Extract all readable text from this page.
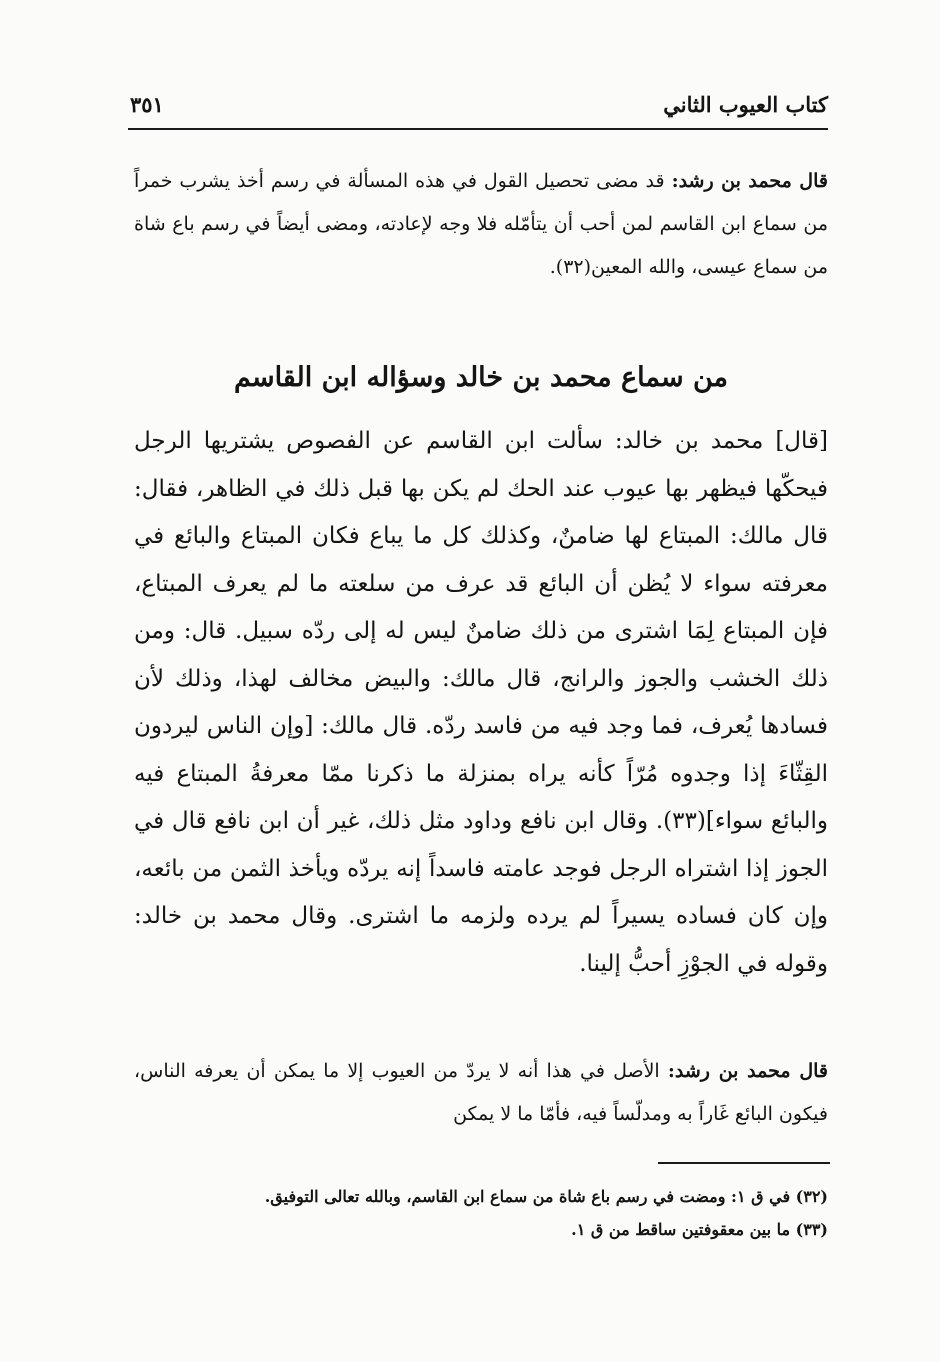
كتاب العيوب الثاني
٣٥١
قال محمد بن رشد: قد مضى تحصيل القول في هذه المسألة في رسم أخذ يشرب خمراً من سماع ابن القاسم لمن أحب أن يتأمّله فلا وجه لإعادته، ومضى أيضاً في رسم باع شاة من سماع عيسى، والله المعين(٣٢).
من سماع محمد بن خالد وسؤاله ابن القاسم
[قال] محمد بن خالد: سألت ابن القاسم عن الفصوص يشتريها الرجل فيحكّها فيظهر بها عيوب عند الحك لم يكن بها قبل ذلك في الظاهر، فقال: قال مالك: المبتاع لها ضامنٌ، وكذلك كل ما يباع فكان المبتاع والبائع في معرفته سواء لا يُظن أن البائع قد عرف من سلعته ما لم يعرف المبتاع، فإن المبتاع لِمَا اشترى من ذلك ضامنٌ ليس له إلى ردّه سبيل. قال: ومن ذلك الخشب والجوز والرانج، قال مالك: والبيض مخالف لهذا، وذلك لأن فسادها يُعرف، فما وجد فيه من فاسد ردّه. قال مالك: [وإن الناس ليردون القِثّاءَ إذا وجدوه مُرّاً كأنه يراه بمنزلة ما ذكرنا ممّا معرفةُ المبتاع فيه والبائع سواء](٣٣). وقال ابن نافع وداود مثل ذلك، غير أن ابن نافع قال في الجوز إذا اشتراه الرجل فوجد عامته فاسداً إنه يردّه ويأخذ الثمن من بائعه، وإن كان فساده يسيراً لم يرده ولزمه ما اشترى. وقال محمد بن خالد: وقوله في الجوْزِ أحبُّ إلينا.
قال محمد بن رشد: الأصل في هذا أنه لا يردّ من العيوب إلا ما يمكن أن يعرفه الناس، فيكون البائع غَاراً به ومدلّساً فيه، فأمّا ما لا يمكن
(٣٢) في ق ١: ومضت في رسم باع شاة من سماع ابن القاسم، وبالله تعالى التوفيق.
(٣٣) ما بين معقوفتين ساقط من ق ١.
